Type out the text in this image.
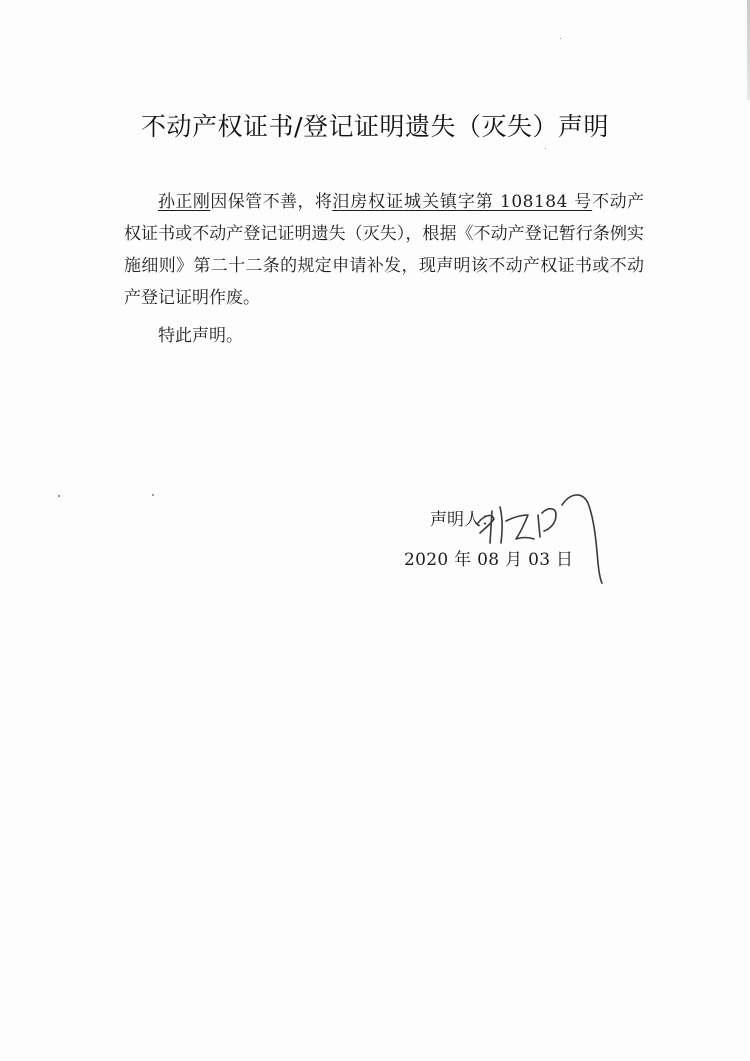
不动产权证书/登记证明遗失（灭失）声明

孙正刚因保管不善，将汨房权证城关镇字第 108184 号不动产权证书或不动产登记证明遗失（灭失），根据《不动产登记暂行条例实施细则》第二十二条的规定申请补发，现声明该不动产权证书或不动产登记证明作废。

特此声明。

声明人：
2020 年 08 月 03 日
